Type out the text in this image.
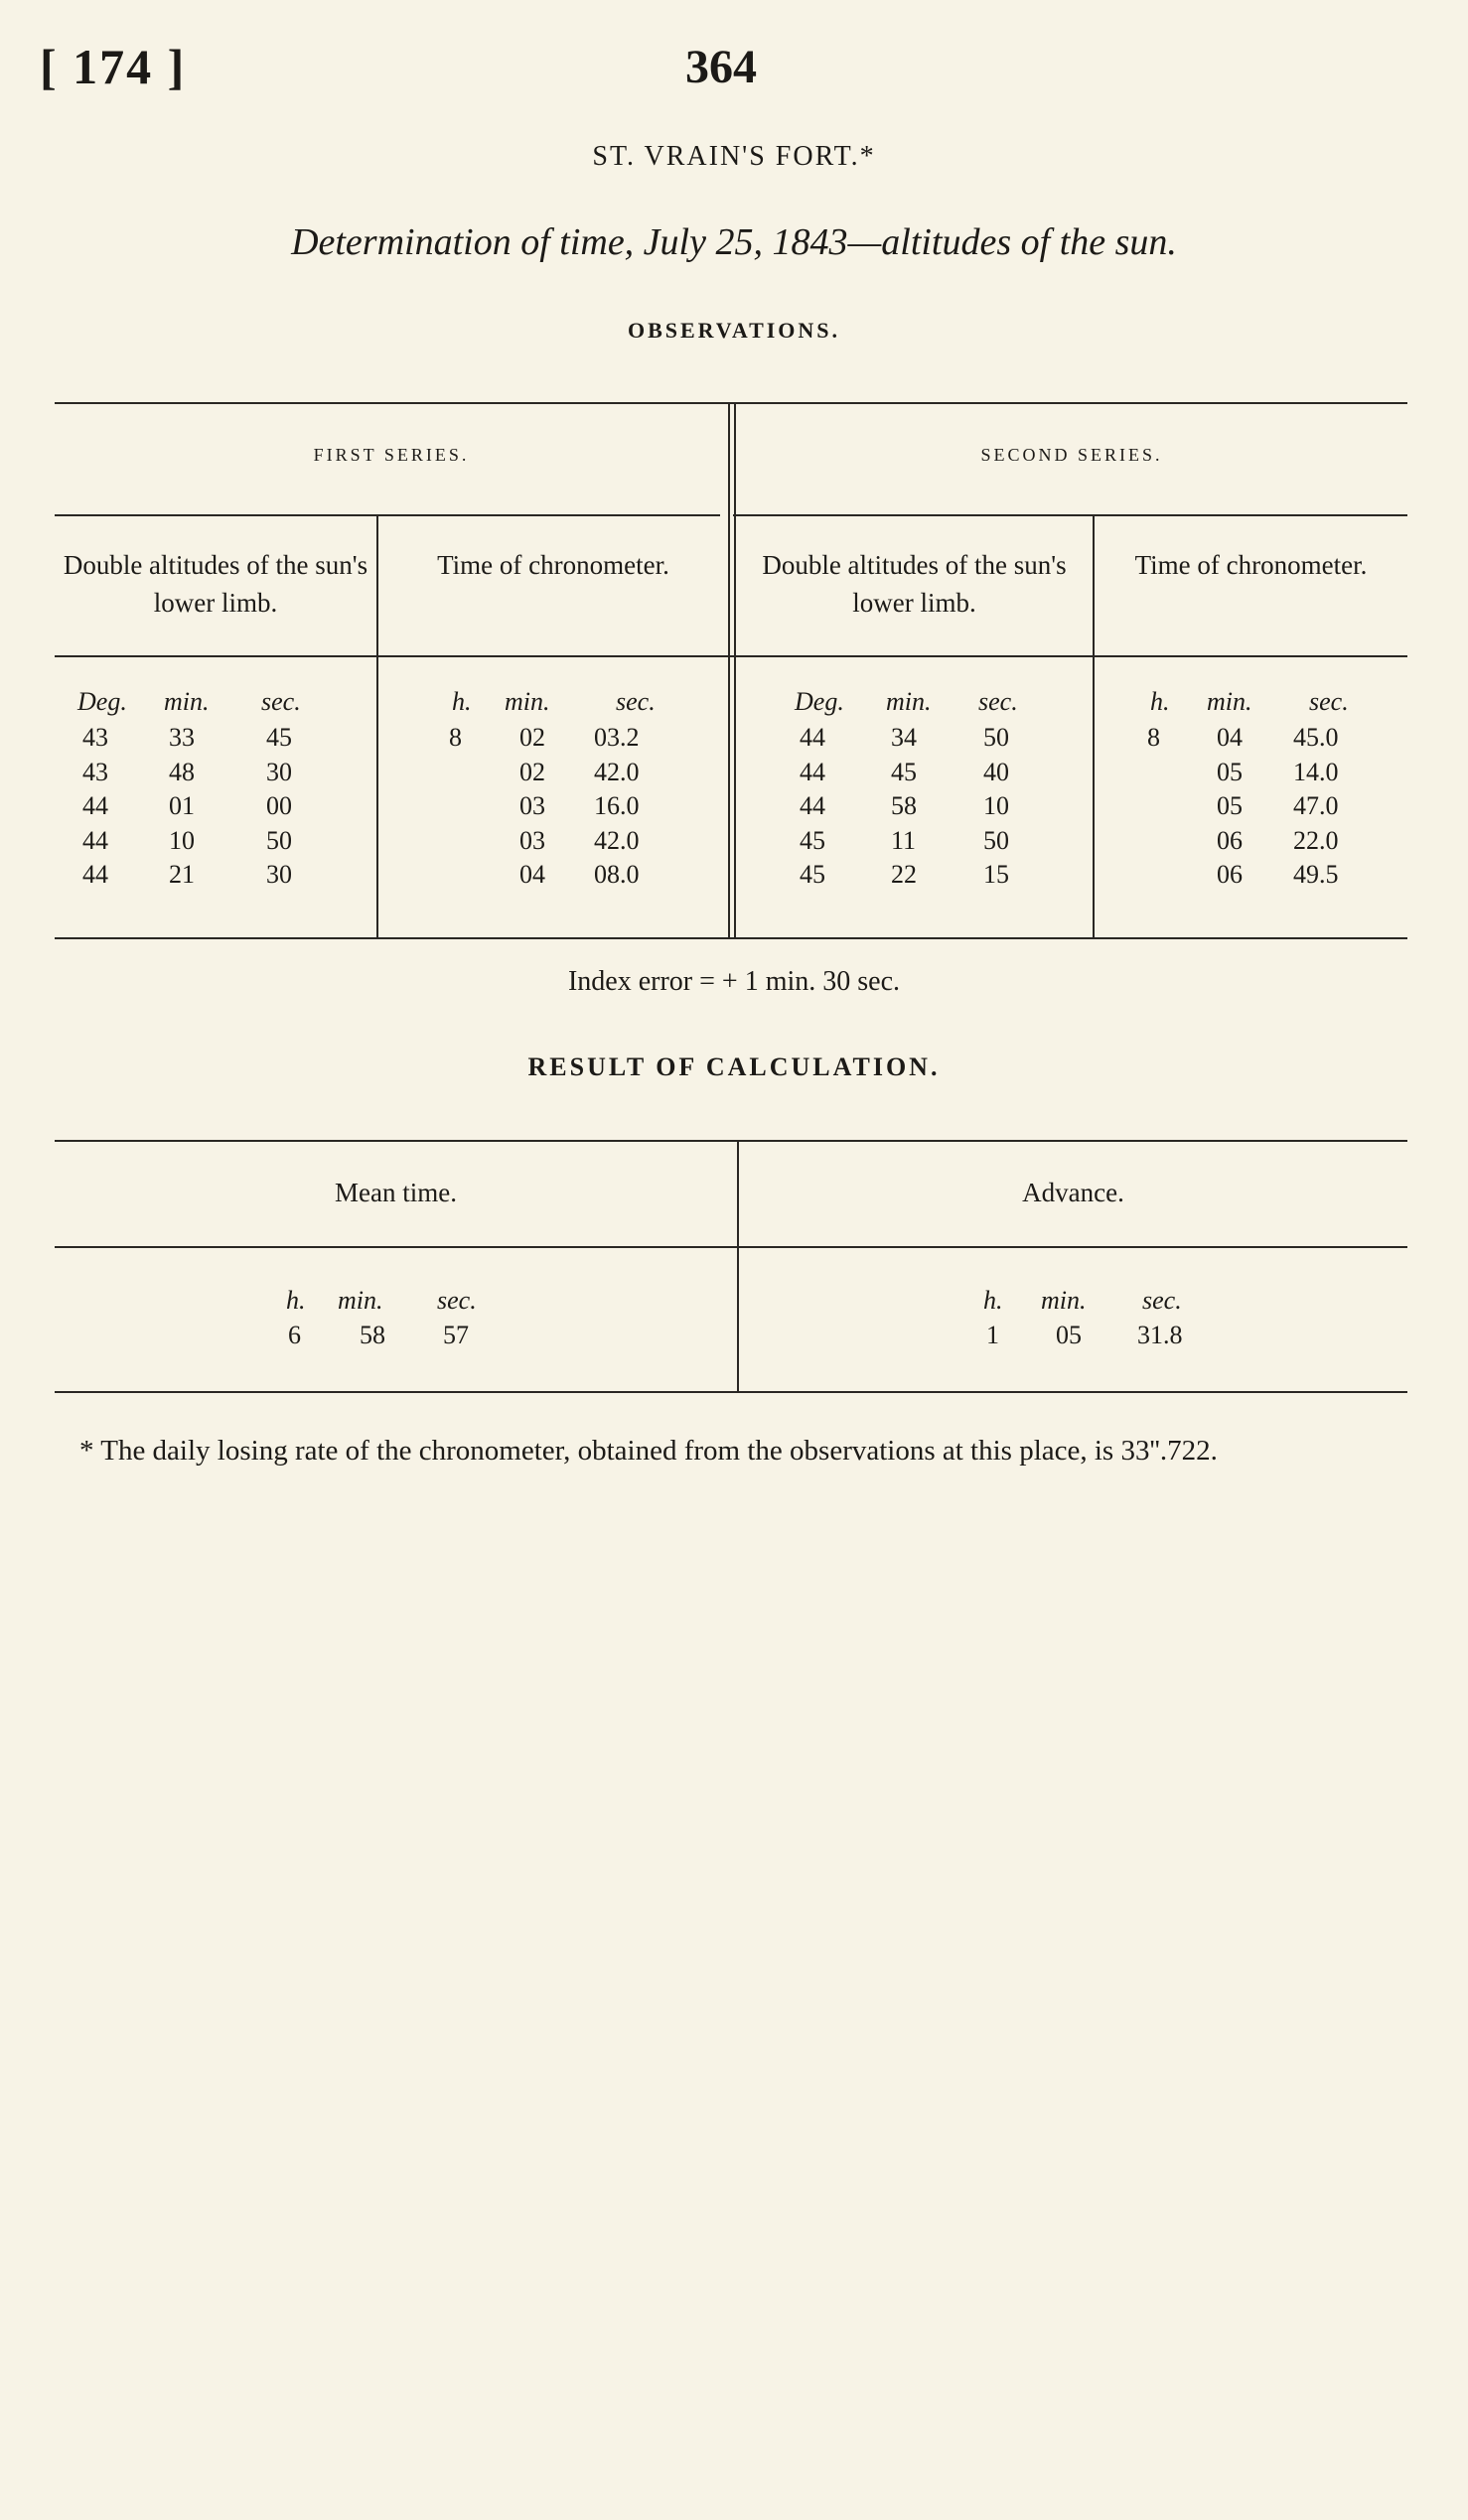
[ 174 ]	364
ST. VRAIN'S FORT.*
Determination of time, July 25, 1843—altitudes of the sun.
OBSERVATIONS.
FIRST SERIES.	SECOND SERIES.
Double altitudes of the sun's lower limb.
Time of chronometer.	Double altitudes of the sun's lower limb.
Time of chronometer.
Deg. min. sec.	h. min.	sec.	Deg. min. sec.	h. min. sec.
43 33	45	8 02 03.2	44	34	50	8 04 45.0
43 48	30	02 42.0	44	45	40	05 14.0
44 01	00	03 16.0	44	58	10	05 47.0
44 10	50	03 42.0	45	11	50	06 22.0
44 21	30	04 08.0	45	22	15	06 49.5
Index error = + 1 min. 30 sec.
RESULT OF CALCULATION.
Mean time.	Advance.
h. min. sec.
6 58 57
h. min. sec.
1 05 31.8
* The daily losing rate of the chronometer, obtained from the observations at this place, is 33''.722.
